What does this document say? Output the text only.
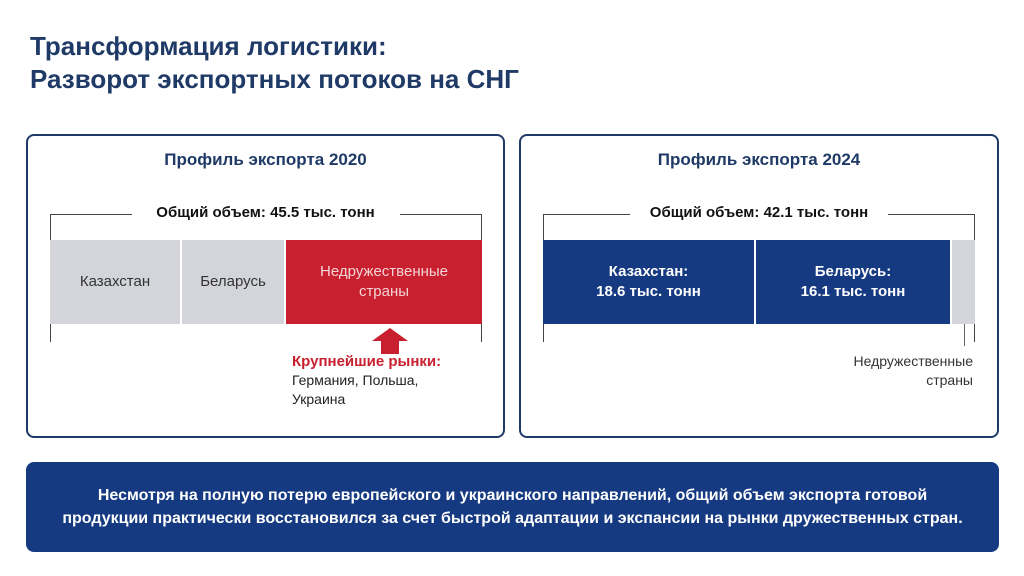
Трансформация логистики:
Разворот экспортных потоков на СНГ
Профиль экспорта 2020
Общий объем: 45.5 тыс. тонн
Казахстан	Беларусь
Недружественные страны
Крупнейшие рынки:
Германия, Польша, Украина
Профиль экспорта 2024
Общий объем: 42.1 тыс. тонн
Казахстан:
18.6 тыс. тонн
Беларусь:
16.1 тыс. тонн
Недружественные страны
Несмотря на полную потерю европейского и украинского направлений, общий объем экспорта готовой продукции практически восстановился за счет быстрой адаптации и экспансии на рынки дружественных стран.
